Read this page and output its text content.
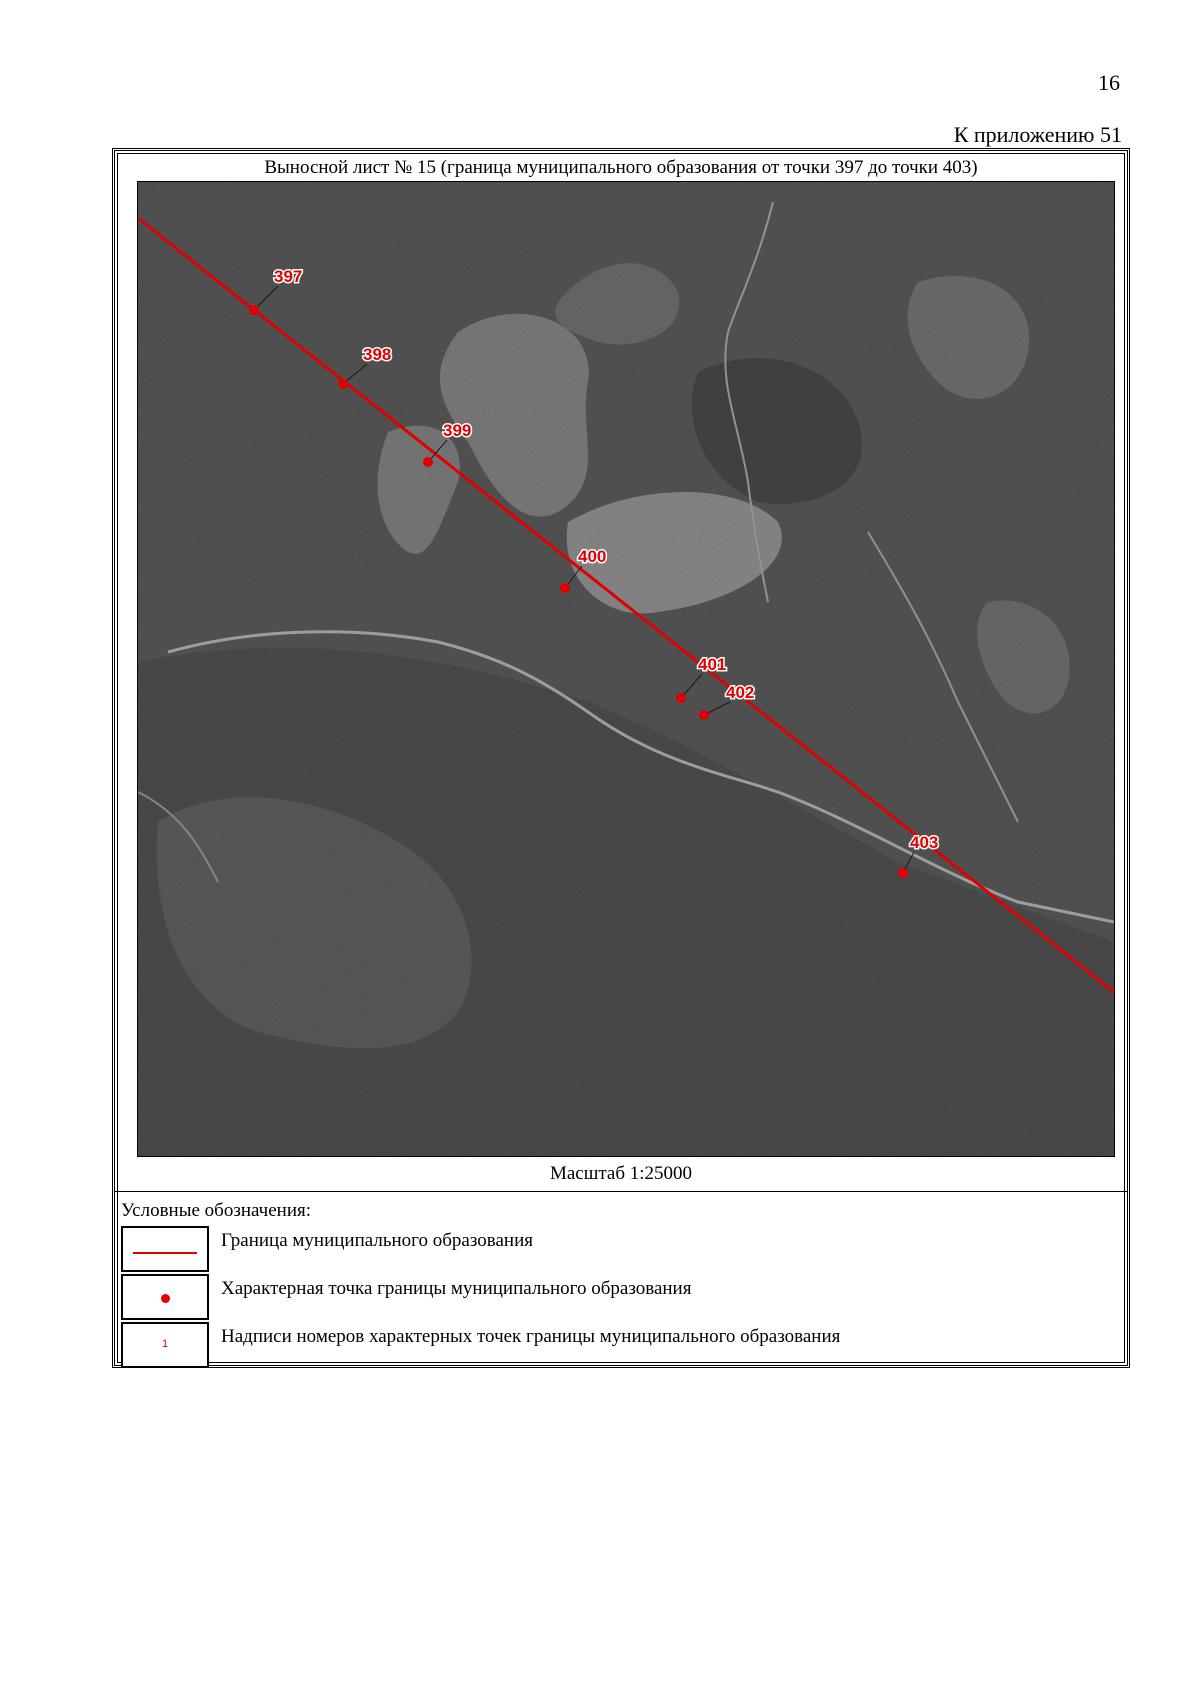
16
К приложению 51
Выносной лист № 15 (граница муниципального образования от точки 397 до точки 403)
397
398
399
400
401
402
403
Масштаб 1:25000
Условные обозначения:
Граница муниципального образования
Характерная точка границы муниципального образования
1	Надписи номеров характерных точек границы муниципального образования
